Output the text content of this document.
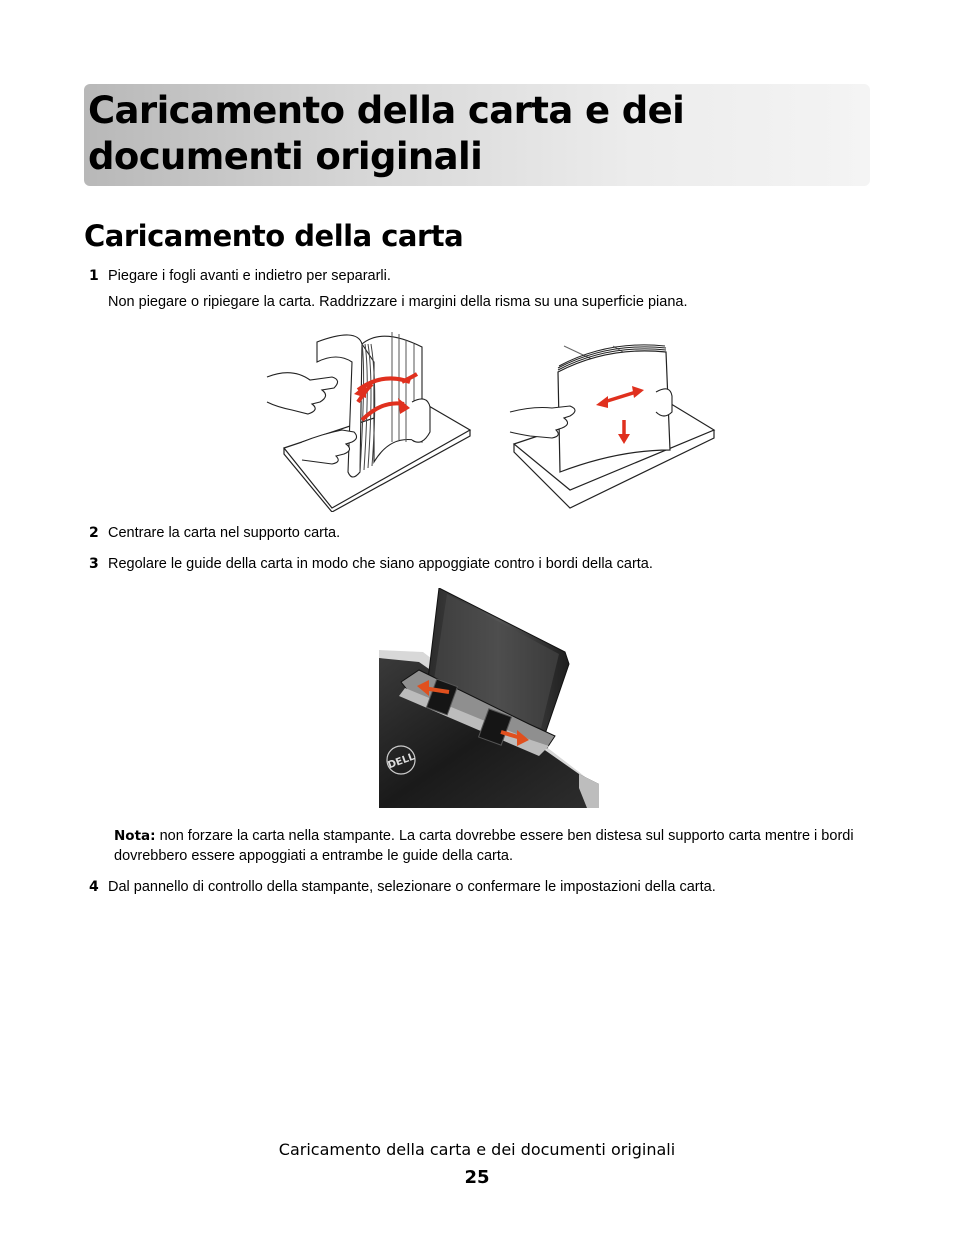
Caricamento della carta e dei documenti originali
Caricamento della carta
1 Piegare i fogli avanti e indietro per separarli.
Non piegare o ripiegare la carta. Raddrizzare i margini della risma su una superficie piana.
2 Centrare la carta nel supporto carta.
3 Regolare le guide della carta in modo che siano appoggiate contro i bordi della carta.
DELL
Nota: non forzare la carta nella stampante. La carta dovrebbe essere ben distesa sul supporto carta mentre i bordi dovrebbero essere appoggiati a entrambe le guide della carta.
4 Dal pannello di controllo della stampante, selezionare o confermare le impostazioni della carta.
Caricamento della carta e dei documenti originali
25
